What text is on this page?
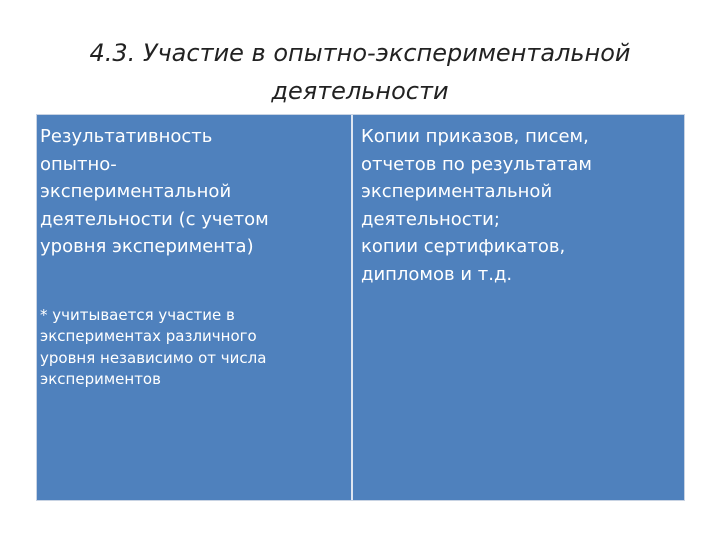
4.3. Участие в опытно-экспериментальной
деятельности
Результативность
опытно-
экспериментальной
деятельности (с учетом
уровня эксперимента)
* учитывается участие в
экспериментах различного
уровня независимо от числа
экспериментов
Копии приказов, писем,
отчетов по результатам
экспериментальной
деятельности;
копии сертификатов,
дипломов и т.д.
